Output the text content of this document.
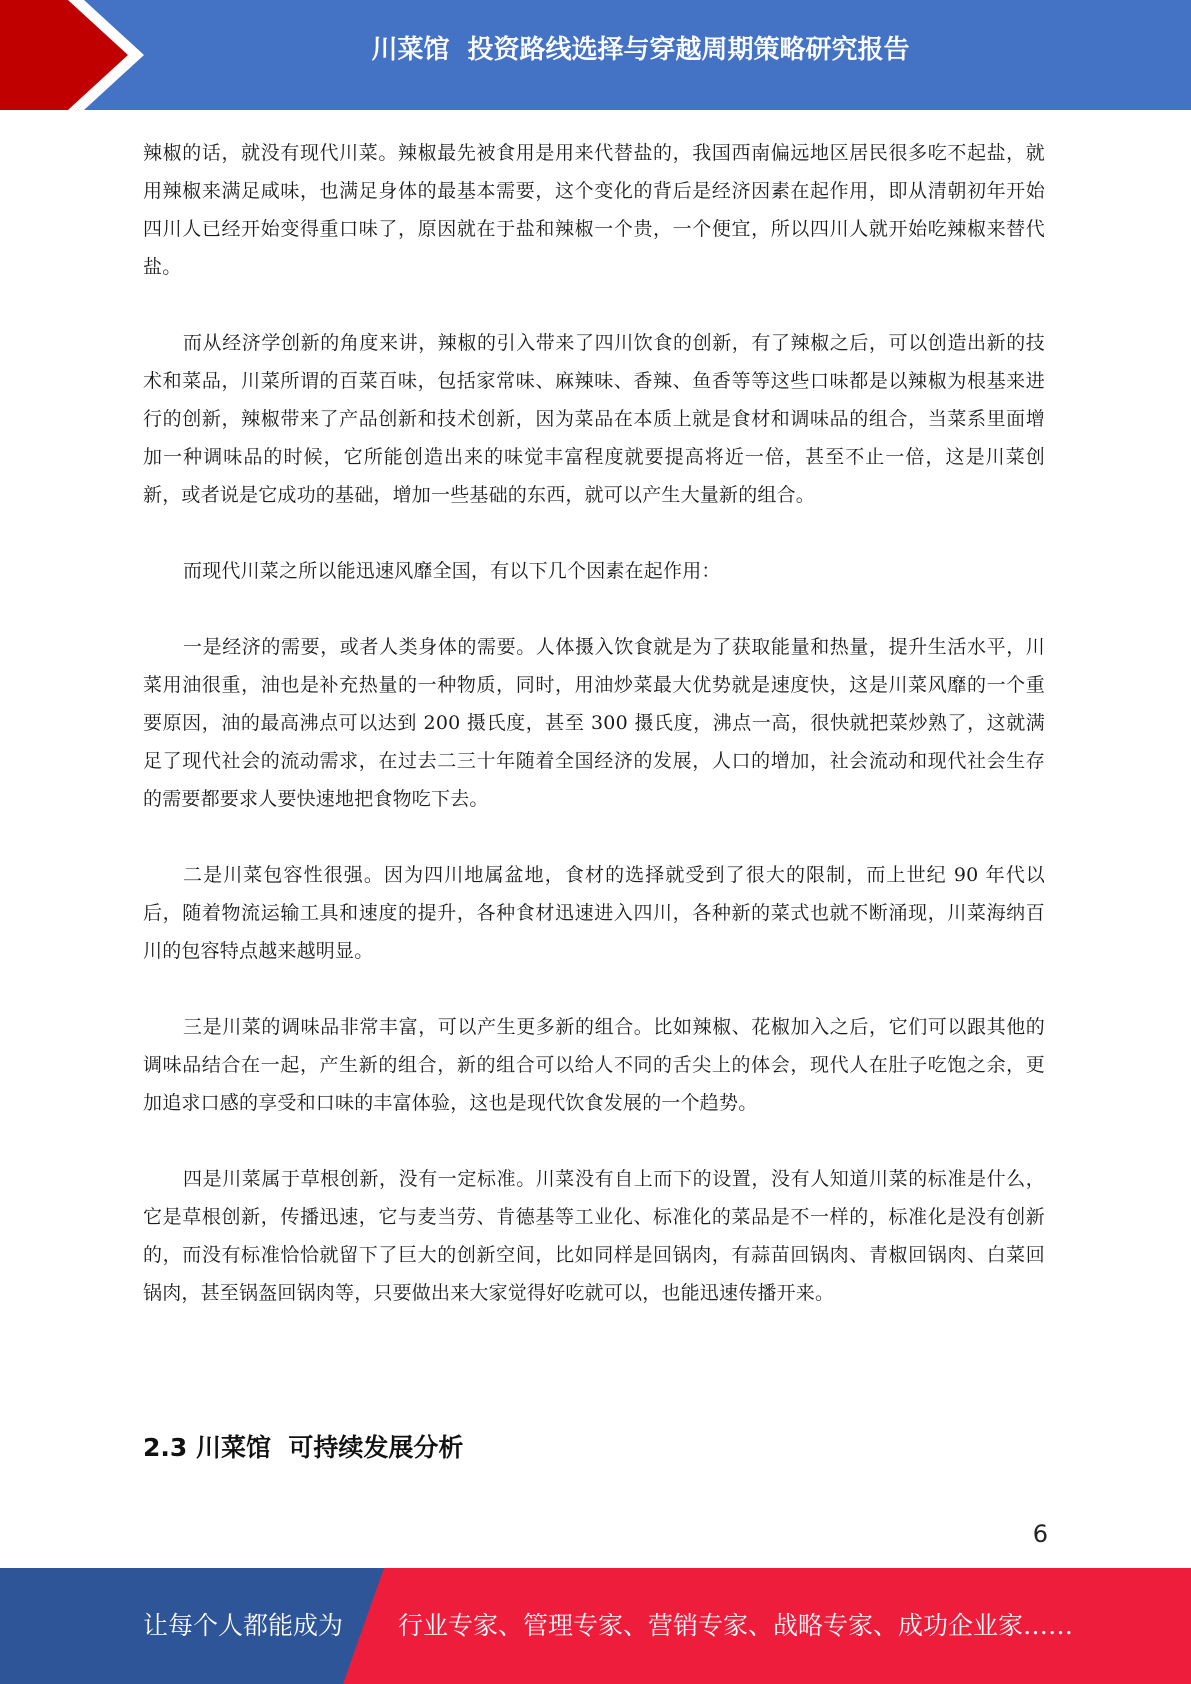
川菜馆  投资路线选择与穿越周期策略研究报告

辣椒的话，就没有现代川菜。辣椒最先被食用是用来代替盐的，我国西南偏远地区居民很多吃不起盐，就用辣椒来满足咸味，也满足身体的最基本需要，这个变化的背后是经济因素在起作用，即从清朝初年开始四川人已经开始变得重口味了，原因就在于盐和辣椒一个贵，一个便宜，所以四川人就开始吃辣椒来替代盐。

而从经济学创新的角度来讲，辣椒的引入带来了四川饮食的创新，有了辣椒之后，可以创造出新的技术和菜品，川菜所谓的百菜百味，包括家常味、麻辣味、香辣、鱼香等等这些口味都是以辣椒为根基来进行的创新，辣椒带来了产品创新和技术创新，因为菜品在本质上就是食材和调味品的组合，当菜系里面增加一种调味品的时候，它所能创造出来的味觉丰富程度就要提高将近一倍，甚至不止一倍，这是川菜创新，或者说是它成功的基础，增加一些基础的东西，就可以产生大量新的组合。

而现代川菜之所以能迅速风靡全国，有以下几个因素在起作用：

一是经济的需要，或者人类身体的需要。人体摄入饮食就是为了获取能量和热量，提升生活水平，川菜用油很重，油也是补充热量的一种物质，同时，用油炒菜最大优势就是速度快，这是川菜风靡的一个重要原因，油的最高沸点可以达到 200 摄氏度，甚至 300 摄氏度，沸点一高，很快就把菜炒熟了，这就满足了现代社会的流动需求，在过去二三十年随着全国经济的发展，人口的增加，社会流动和现代社会生存的需要都要求人要快速地把食物吃下去。

二是川菜包容性很强。因为四川地属盆地，食材的选择就受到了很大的限制，而上世纪 90 年代以后，随着物流运输工具和速度的提升，各种食材迅速进入四川，各种新的菜式也就不断涌现，川菜海纳百川的包容特点越来越明显。

三是川菜的调味品非常丰富，可以产生更多新的组合。比如辣椒、花椒加入之后，它们可以跟其他的调味品结合在一起，产生新的组合，新的组合可以给人不同的舌尖上的体会，现代人在肚子吃饱之余，更加追求口感的享受和口味的丰富体验，这也是现代饮食发展的一个趋势。

四是川菜属于草根创新，没有一定标准。川菜没有自上而下的设置，没有人知道川菜的标准是什么，它是草根创新，传播迅速，它与麦当劳、肯德基等工业化、标准化的菜品是不一样的，标准化是没有创新的，而没有标准恰恰就留下了巨大的创新空间，比如同样是回锅肉，有蒜苗回锅肉、青椒回锅肉、白菜回锅肉，甚至锅盔回锅肉等，只要做出来大家觉得好吃就可以，也能迅速传播开来。

2.3 川菜馆  可持续发展分析
6
让每个人都能成为 行业专家、管理专家、营销专家、战略专家、成功企业家……
